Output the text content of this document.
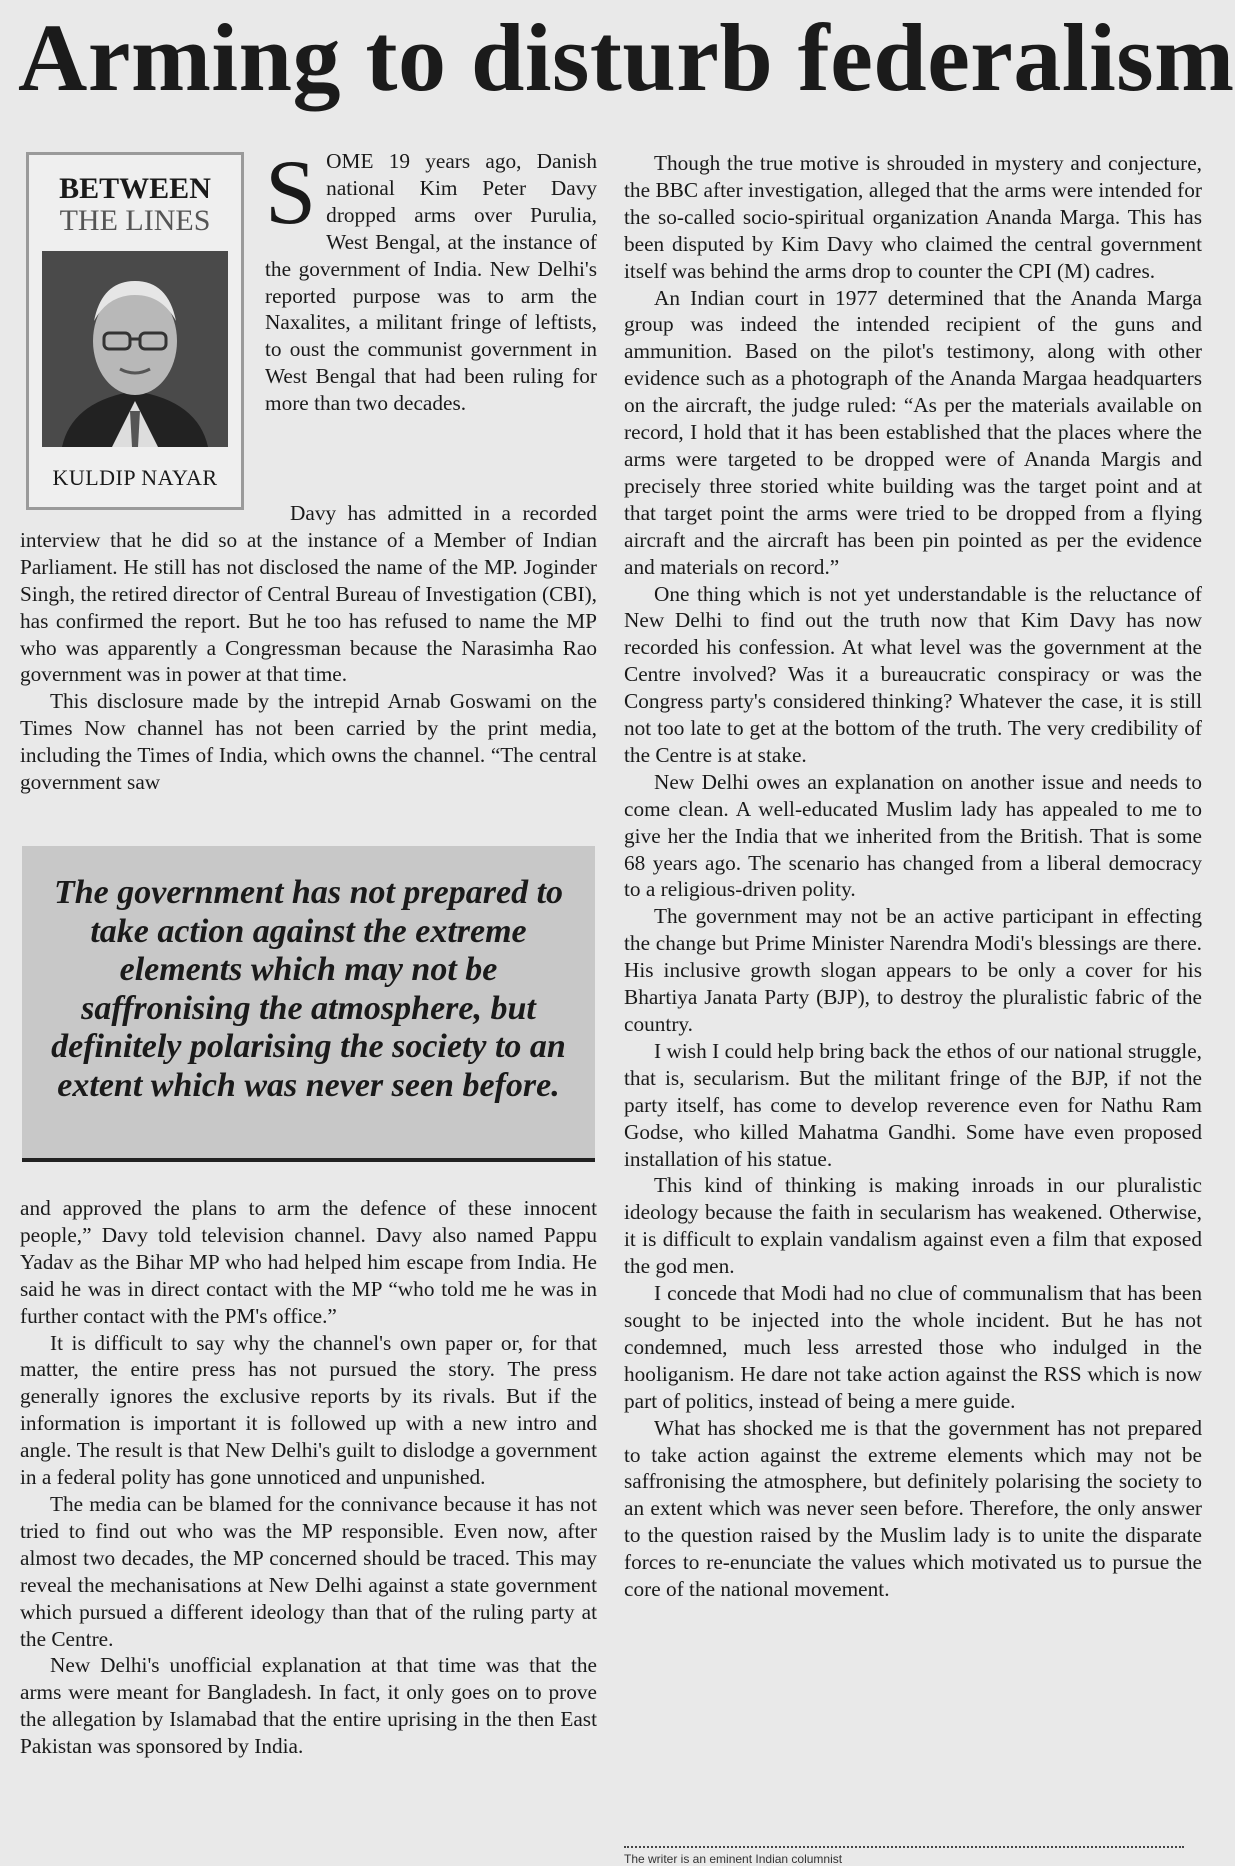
Arming to disturb federalism
BETWEEN
THE LINES
KULDIP NAYAR
S OME 19 years ago, Danish national Kim Peter Davy dropped arms over Purulia, West Bengal, at the instance of the government of India. New Delhi's reported purpose was to arm the Naxalites, a militant fringe of leftists, to oust the communist government in West Bengal that had been ruling for more than two decades.

Davy has admitted in a recorded interview that he did so at the instance of a Member of Indian Parliament. He still has not disclosed the name of the MP. Joginder Singh, the retired director of Central Bureau of Investigation (CBI), has confirmed the report. But he too has refused to name the MP who was apparently a Congressman because the Narasimha Rao government was in power at that time.

This disclosure made by the intrepid Arnab Goswami on the Times Now channel has not been carried by the print media, including the Times of India, which owns the channel. “The central government saw

The government has not prepared to take action against the extreme elements which may not be saffronising the atmosphere, but definitely polarising the society to an extent which was never seen before.

and approved the plans to arm the defence of these innocent people,” Davy told television channel. Davy also named Pappu Yadav as the Bihar MP who had helped him escape from India. He said he was in direct contact with the MP “who told me he was in further contact with the PM's office.”

It is difficult to say why the channel's own paper or, for that matter, the entire press has not pursued the story. The press generally ignores the exclusive reports by its rivals. But if the information is important it is followed up with a new intro and angle. The result is that New Delhi's guilt to dislodge a government in a federal polity has gone unnoticed and unpunished.

The media can be blamed for the connivance because it has not tried to find out who was the MP responsible. Even now, after almost two decades, the MP concerned should be traced. This may reveal the mechanisations at New Delhi against a state government which pursued a different ideology than that of the ruling party at the Centre.

New Delhi's unofficial explanation at that time was that the arms were meant for Bangladesh. In fact, it only goes on to prove the allegation by Islamabad that the entire uprising in the then East Pakistan was sponsored by India.

Though the true motive is shrouded in mystery and conjecture, the BBC after investigation, alleged that the arms were intended for the so-called socio-spiritual organization Ananda Marga. This has been disputed by Kim Davy who claimed the central government itself was behind the arms drop to counter the CPI (M) cadres.

An Indian court in 1977 determined that the Ananda Marga group was indeed the intended recipient of the guns and ammunition. Based on the pilot's testimony, along with other evidence such as a photograph of the Ananda Margaa headquarters on the aircraft, the judge ruled: “As per the materials available on record, I hold that it has been established that the places where the arms were targeted to be dropped were of Ananda Margis and precisely three storied white building was the target point and at that target point the arms were tried to be dropped from a flying aircraft and the aircraft has been pin pointed as per the evidence and materials on record.”

One thing which is not yet understandable is the reluctance of New Delhi to find out the truth now that Kim Davy has now recorded his confession. At what level was the government at the Centre involved? Was it a bureaucratic conspiracy or was the Congress party's considered thinking? Whatever the case, it is still not too late to get at the bottom of the truth. The very credibility of the Centre is at stake.

New Delhi owes an explanation on another issue and needs to come clean. A well-educated Muslim lady has appealed to me to give her the India that we inherited from the British. That is some 68 years ago. The scenario has changed from a liberal democracy to a religious-driven polity.

The government may not be an active participant in effecting the change but Prime Minister Narendra Modi's blessings are there. His inclusive growth slogan appears to be only a cover for his Bhartiya Janata Party (BJP), to destroy the pluralistic fabric of the country.

I wish I could help bring back the ethos of our national struggle, that is, secularism. But the militant fringe of the BJP, if not the party itself, has come to develop reverence even for Nathu Ram Godse, who killed Mahatma Gandhi. Some have even proposed installation of his statue.

This kind of thinking is making inroads in our pluralistic ideology because the faith in secularism has weakened. Otherwise, it is difficult to explain vandalism against even a film that exposed the god men.

I concede that Modi had no clue of communalism that has been sought to be injected into the whole incident. But he has not condemned, much less arrested those who indulged in the hooliganism. He dare not take action against the RSS which is now part of politics, instead of being a mere guide.

What has shocked me is that the government has not prepared to take action against the extreme elements which may not be saffronising the atmosphere, but definitely polarising the society to an extent which was never seen before. Therefore, the only answer to the question raised by the Muslim lady is to unite the disparate forces to re-enunciate the values which motivated us to pursue the core of the national movement.

The writer is an eminent Indian columnist
